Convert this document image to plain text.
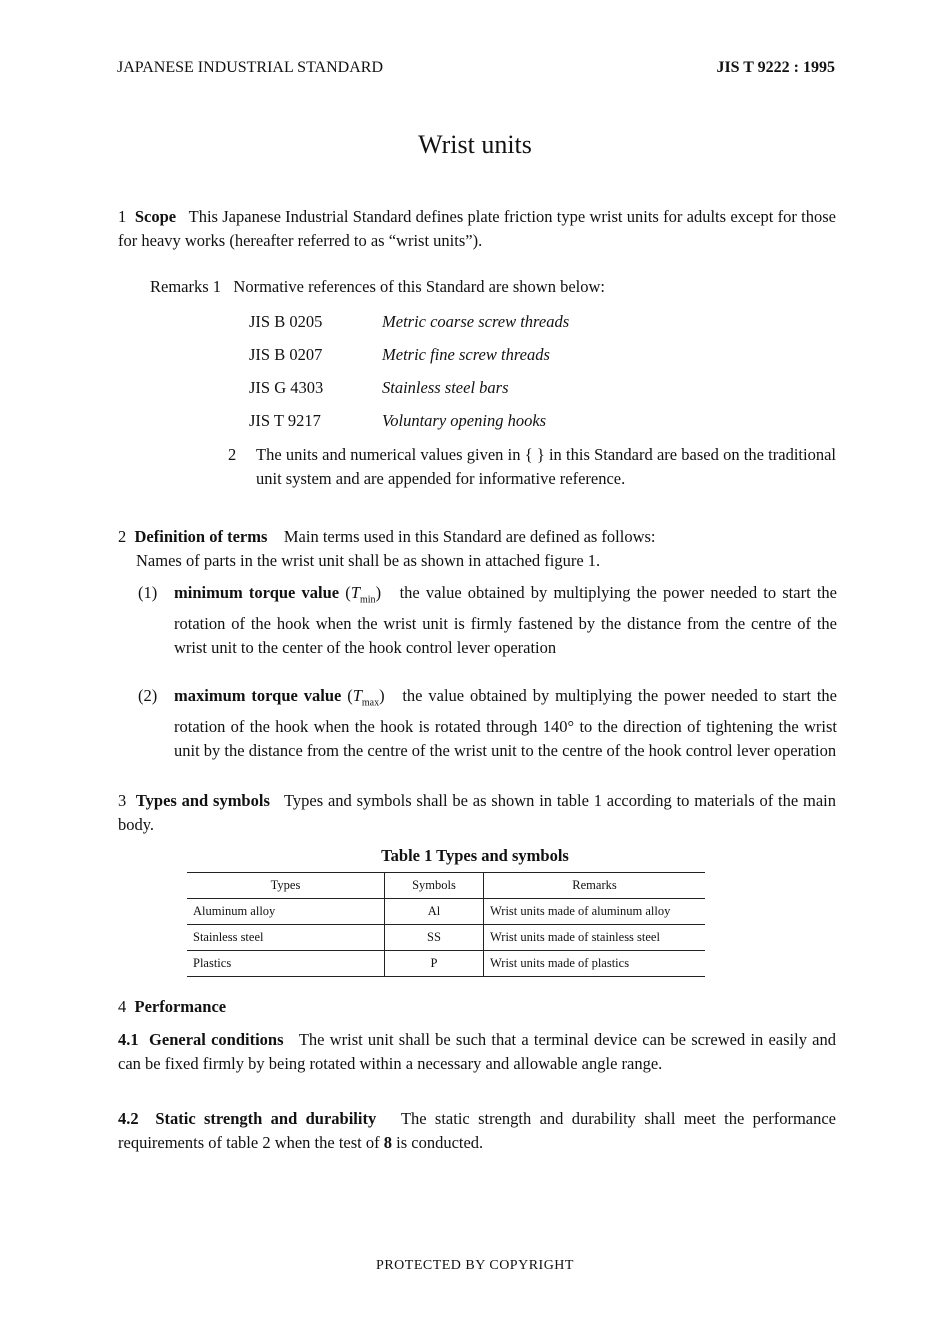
JAPANESE INDUSTRIAL STANDARD	JIS T 9222 : 1995
Wrist units
1 Scope This Japanese Industrial Standard defines plate friction type wrist units for adults except for those for heavy works (hereafter referred to as “wrist units”).
Remarks 1 Normative references of this Standard are shown below:
JIS B 0205	Metric coarse screw threads
JIS B 0207	Metric fine screw threads
JIS G 4303	Stainless steel bars
JIS T 9217	Voluntary opening hooks
2	The units and numerical values given in { } in this Standard are based on the traditional unit system and are appended for informative reference.
2 Definition of terms Main terms used in this Standard are defined as follows:
Names of parts in the wrist unit shall be as shown in attached figure 1.
(1)	minimum torque value $(T_{min})$   the value obtained by multiplying the power needed to start the rotation of the hook when the wrist unit is firmly fastened by the distance from the centre of the wrist unit to the center of the hook control lever operation
(2)	maximum torque value $(T_{max})$   the value obtained by multiplying the power needed to start the rotation of the hook when the hook is rotated through 140° to the direction of tightening the wrist unit by the distance from the centre of the wrist unit to the centre of the hook control lever operation
3 Types and symbols Types and symbols shall be as shown in table 1 according to materials of the main body.
Table 1 Types and symbols
Types	Symbols	Remarks
Aluminum alloy	Al	Wrist units made of aluminum alloy
Stainless steel	SS	Wrist units made of stainless steel
Plastics	P	Wrist units made of plastics
4 Performance
4.1 General conditions The wrist unit shall be such that a terminal device can be screwed in easily and can be fixed firmly by being rotated within a necessary and allowable angle range.
4.2 Static strength and durability The static strength and durability shall meet the performance requirements of table 2 when the test of 8 is conducted.
PROTECTED BY COPYRIGHT
